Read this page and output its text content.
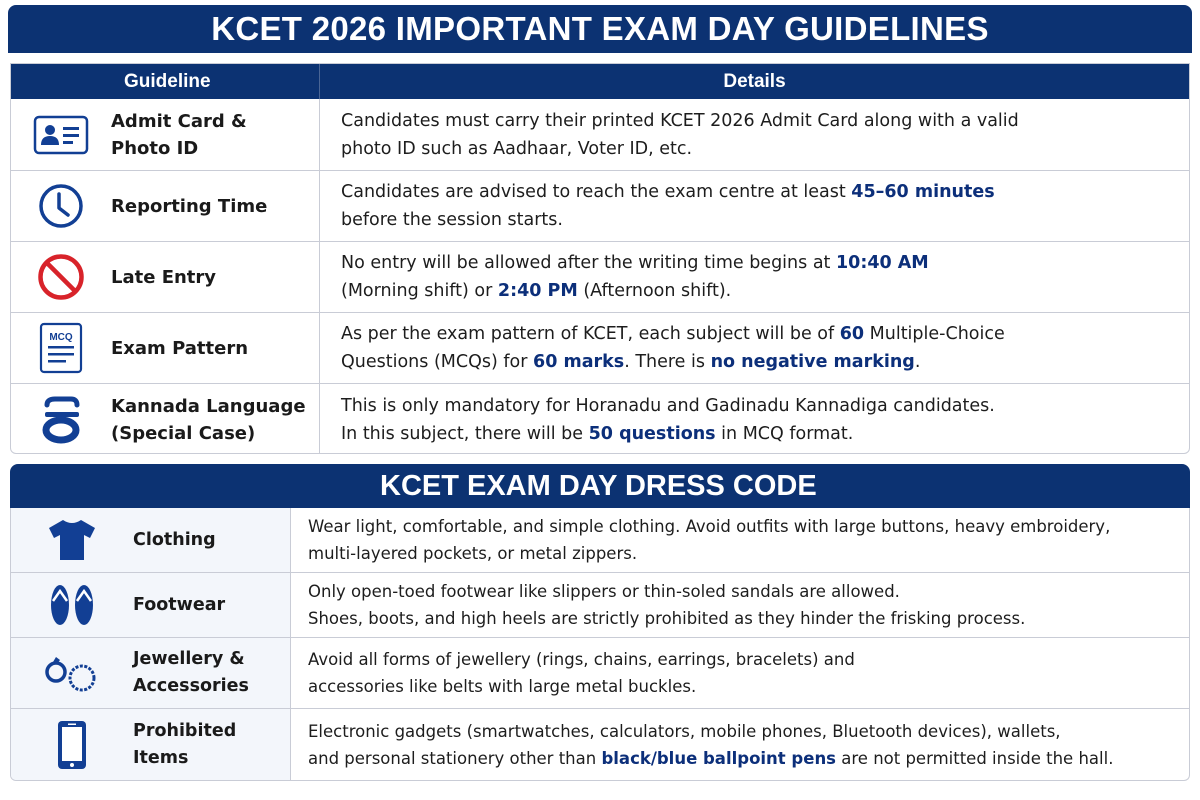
KCET 2026 IMPORTANT EXAM DAY GUIDELINES
Guideline	Details
Admit Card &
Photo ID
Candidates must carry their printed KCET 2026 Admit Card along with a valid
photo ID such as Aadhaar, Voter ID, etc.
Reporting Time
Candidates are advised to reach the exam centre at least 45–60 minutes
before the session starts.
Late Entry
No entry will be allowed after the writing time begins at 10:40 AM
(Morning shift) or 2:40 PM (Afternoon shift).
MCQ Exam Pattern
As per the exam pattern of KCET, each subject will be of 60 Multiple-Choice
Questions (MCQs) for 60 marks. There is no negative marking.
Kannada Language
(Special Case)
This is only mandatory for Horanadu and Gadinadu Kannadiga candidates.
In this subject, there will be 50 questions in MCQ format.
KCET EXAM DAY DRESS CODE
Clothing
Wear light, comfortable, and simple clothing. Avoid outfits with large buttons, heavy embroidery,
multi-layered pockets, or metal zippers.
Footwear
Only open-toed footwear like slippers or thin-soled sandals are allowed.
Shoes, boots, and high heels are strictly prohibited as they hinder the frisking process.
Jewellery &
Accessories
Avoid all forms of jewellery (rings, chains, earrings, bracelets) and
accessories like belts with large metal buckles.
Prohibited Items
Electronic gadgets (smartwatches, calculators, mobile phones, Bluetooth devices), wallets,
and personal stationery other than black/blue ballpoint pens are not permitted inside the hall.
